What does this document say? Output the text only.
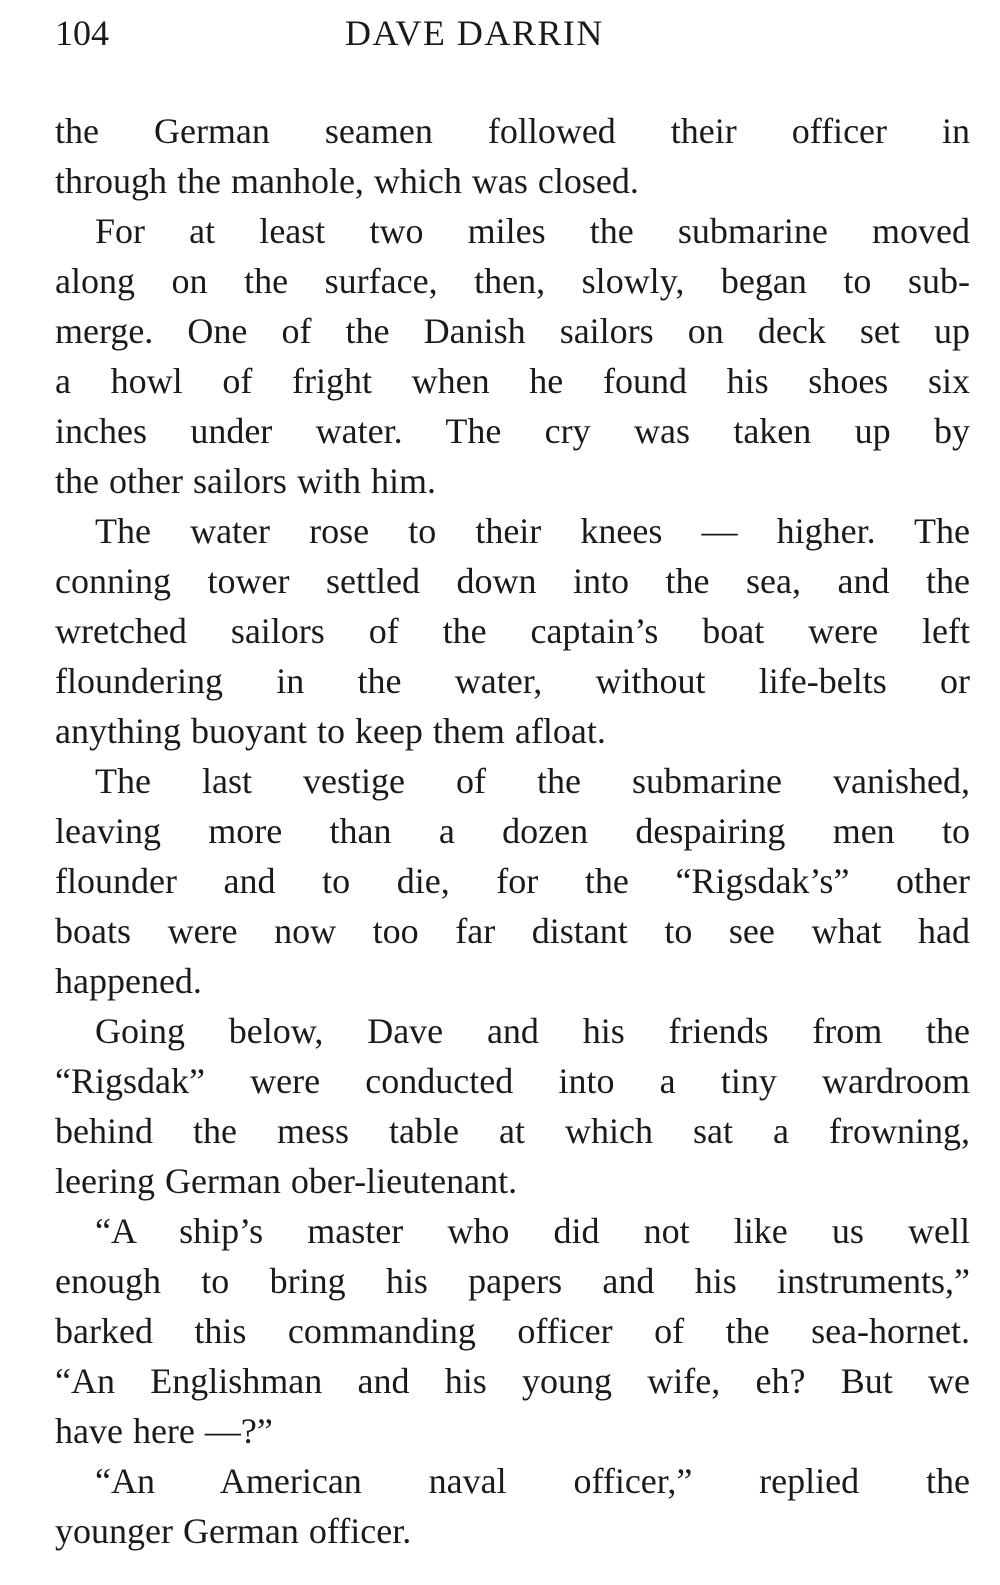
104	DAVE DARRIN
the German seamen followed their officer in
through the manhole, which was closed.
For at least two miles the submarine moved
along on the surface, then, slowly, began to sub-
merge. One of the Danish sailors on deck set up
a howl of fright when he found his shoes six
inches under water. The cry was taken up by
the other sailors with him.
The water rose to their knees — higher. The
conning tower settled down into the sea, and the
wretched sailors of the captain’s boat were left
floundering in the water, without life-belts or
anything buoyant to keep them afloat.
The last vestige of the submarine vanished,
leaving more than a dozen despairing men to
flounder and to die, for the “Rigsdak’s” other
boats were now too far distant to see what had
happened.
Going below, Dave and his friends from the
“Rigsdak” were conducted into a tiny wardroom
behind the mess table at which sat a frowning,
leering German ober-lieutenant.
“A ship’s master who did not like us well
enough to bring his papers and his instruments,”
barked this commanding officer of the sea-hornet.
“An Englishman and his young wife, eh? But we
have here —?”
“An American naval officer,” replied the
younger German officer.
